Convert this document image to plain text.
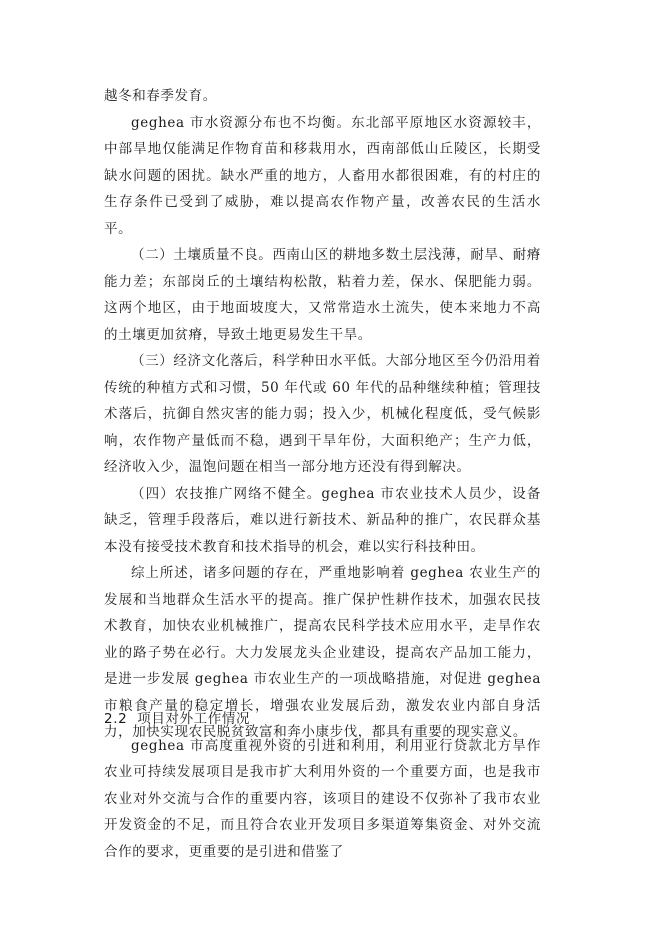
越冬和春季发育。

geghea 市水资源分布也不均衡。东北部平原地区水资源较丰，中部旱地仅能满足作物育苗和移栽用水，西南部低山丘陵区，长期受缺水问题的困扰。缺水严重的地方，人畜用水都很困难，有的村庄的生存条件已受到了威胁，难以提高农作物产量，改善农民的生活水平。

（二）土壤质量不良。西南山区的耕地多数土层浅薄，耐旱、耐瘠能力差；东部岗丘的土壤结构松散，粘着力差，保水、保肥能力弱。这两个地区，由于地面坡度大，又常常造水土流失，使本来地力不高的土壤更加贫瘠，导致土地更易发生干旱。

（三）经济文化落后，科学种田水平低。大部分地区至今仍沿用着传统的种植方式和习惯，50 年代或 60 年代的品种继续种植；管理技术落后，抗御自然灾害的能力弱；投入少，机械化程度低，受气候影响，农作物产量低而不稳，遇到干旱年份，大面积绝产；生产力低，经济收入少，温饱问题在相当一部分地方还没有得到解决。

（四）农技推广网络不健全。geghea 市农业技术人员少，设备缺乏，管理手段落后，难以进行新技术、新品种的推广，农民群众基本没有接受技术教育和技术指导的机会，难以实行科技种田。

综上所述，诸多问题的存在，严重地影响着 geghea 农业生产的发展和当地群众生活水平的提高。推广保护性耕作技术，加强农民技术教育，加快农业机械推广，提高农民科学技术应用水平，走旱作农业的路子势在必行。大力发展龙头企业建设，提高农产品加工能力，是进一步发展 geghea 市农业生产的一项战略措施，对促进 geghea 市粮食产量的稳定增长，增强农业发展后劲，激发农业内部自身活力，加快实现农民脱贫致富和奔小康步伐，都具有重要的现实意义。

2.2 项目对外工作情况

geghea 市高度重视外资的引进和利用，利用亚行贷款北方旱作农业可持续发展项目是我市扩大利用外资的一个重要方面，也是我市农业对外交流与合作的重要内容，该项目的建设不仅弥补了我市农业开发资金的不足，而且符合农业开发项目多渠道筹集资金、对外交流合作的要求，更重要的是引进和借鉴了
